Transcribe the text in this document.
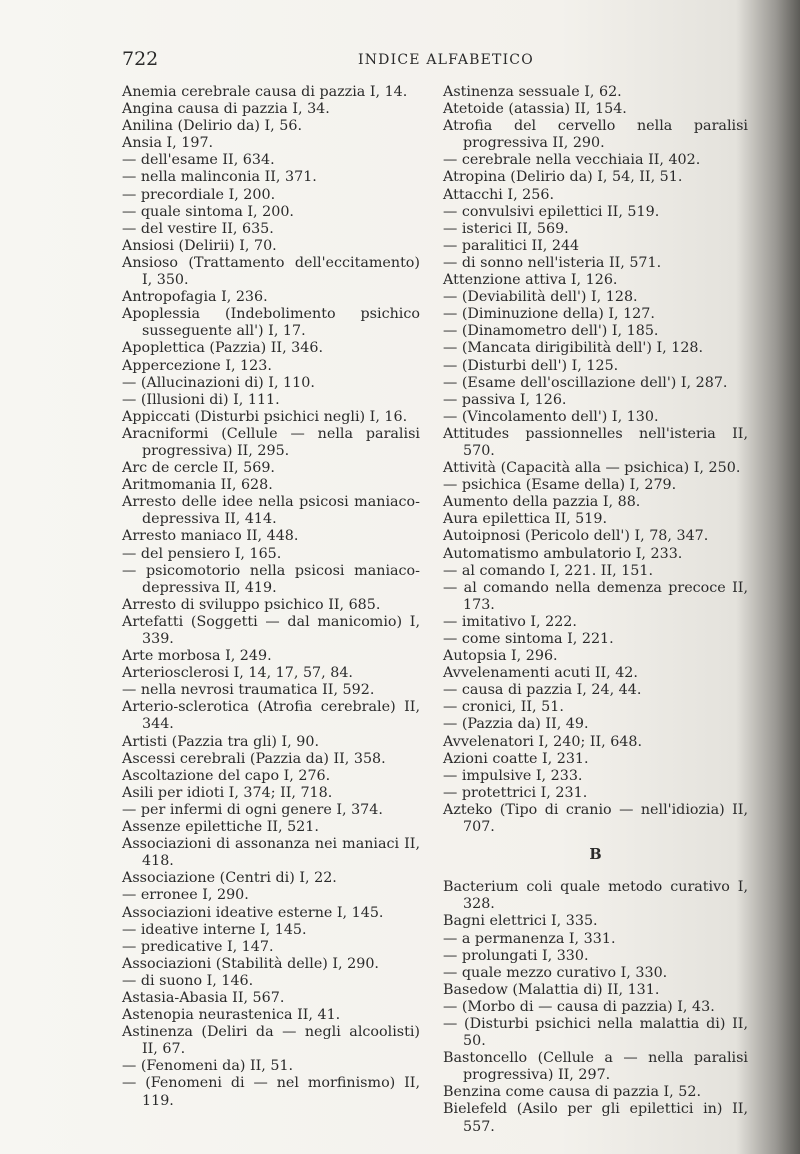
722	INDICE ALFABETICO
Anemia cerebrale causa di pazzia I, 14.
Angina causa di pazzia I, 34.
Anilina (Delirio da) I, 56.
Ansia I, 197.
— dell'esame II, 634.
— nella malinconia II, 371.
— precordiale I, 200.
— quale sintoma I, 200.
— del vestire II, 635.
Ansiosi (Delirii) I, 70.
Ansioso (Trattamento dell'eccitamento) I, 350.
Antropofagia I, 236.
Apoplessia (Indebolimento psichico susseguente all') I, 17.
Apoplettica (Pazzia) II, 346.
Appercezione I, 123.
— (Allucinazioni di) I, 110.
— (Illusioni di) I, 111.
Appiccati (Disturbi psichici negli) I, 16.
Aracniformi (Cellule — nella paralisi progressiva) II, 295.
Arc de cercle II, 569.
Aritmomania II, 628.
Arresto delle idee nella psicosi maniaco-depressiva II, 414.
Arresto maniaco II, 448.
— del pensiero I, 165.
— psicomotorio nella psicosi maniaco-depressiva II, 419.
Arresto di sviluppo psichico II, 685.
Artefatti (Soggetti — dal manicomio) I, 339.
Arte morbosa I, 249.
Arteriosclerosi I, 14, 17, 57, 84.
— nella nevrosi traumatica II, 592.
Arterio-sclerotica (Atrofia cerebrale) II, 344.
Artisti (Pazzia tra gli) I, 90.
Ascessi cerebrali (Pazzia da) II, 358.
Ascoltazione del capo I, 276.
Asili per idioti I, 374; II, 718.
— per infermi di ogni genere I, 374.
Assenze epilettiche II, 521.
Associazioni di assonanza nei maniaci II, 418.
Associazione (Centri di) I, 22.
— erronee I, 290.
Associazioni ideative esterne I, 145.
— ideative interne I, 145.
— predicative I, 147.
Associazioni (Stabilità delle) I, 290.
— di suono I, 146.
Astasia-Abasia II, 567.
Astenopia neurastenica II, 41.
Astinenza (Deliri da — negli alcoolisti) II, 67.
— (Fenomeni da) II, 51.
— (Fenomeni di — nel morfinismo) II, 119.
Astinenza sessuale I, 62.
Atetoide (atassia) II, 154.
Atrofia del cervello nella paralisi progressiva II, 290.
— cerebrale nella vecchiaia II, 402.
Atropina (Delirio da) I, 54, II, 51.
Attacchi I, 256.
— convulsivi epilettici II, 519.
— isterici II, 569.
— paralitici II, 244
— di sonno nell'isteria II, 571.
Attenzione attiva I, 126.
— (Deviabilità dell') I, 128.
— (Diminuzione della) I, 127.
— (Dinamometro dell') I, 185.
— (Mancata dirigibilità dell') I, 128.
— (Disturbi dell') I, 125.
— (Esame dell'oscillazione dell') I, 287.
— passiva I, 126.
— (Vincolamento dell') I, 130.
Attitudes passionnelles nell'isteria II, 570.
Attività (Capacità alla — psichica) I, 250.
— psichica (Esame della) I, 279.
Aumento della pazzia I, 88.
Aura epilettica II, 519.
Autoipnosi (Pericolo dell') I, 78, 347.
Automatismo ambulatorio I, 233.
— al comando I, 221. II, 151.
— al comando nella demenza precoce II, 173.
— imitativo I, 222.
— come sintoma I, 221.
Autopsia I, 296.
Avvelenamenti acuti II, 42.
— causa di pazzia I, 24, 44.
— cronici, II, 51.
— (Pazzia da) II, 49.
Avvelenatori I, 240; II, 648.
Azioni coatte I, 231.
— impulsive I, 233.
— protettrici I, 231.
Azteko (Tipo di cranio — nell'idiozia) II, 707.
B
Bacterium coli quale metodo curativo I, 328.
Bagni elettrici I, 335.
— a permanenza I, 331.
— prolungati I, 330.
— quale mezzo curativo I, 330.
Basedow (Malattia di) II, 131.
— (Morbo di — causa di pazzia) I, 43.
— (Disturbi psichici nella malattia di) II, 50.
Bastoncello (Cellule a — nella paralisi progressiva) II, 297.
Benzina come causa di pazzia I, 52.
Bielefeld (Asilo per gli epilettici in) II, 557.
